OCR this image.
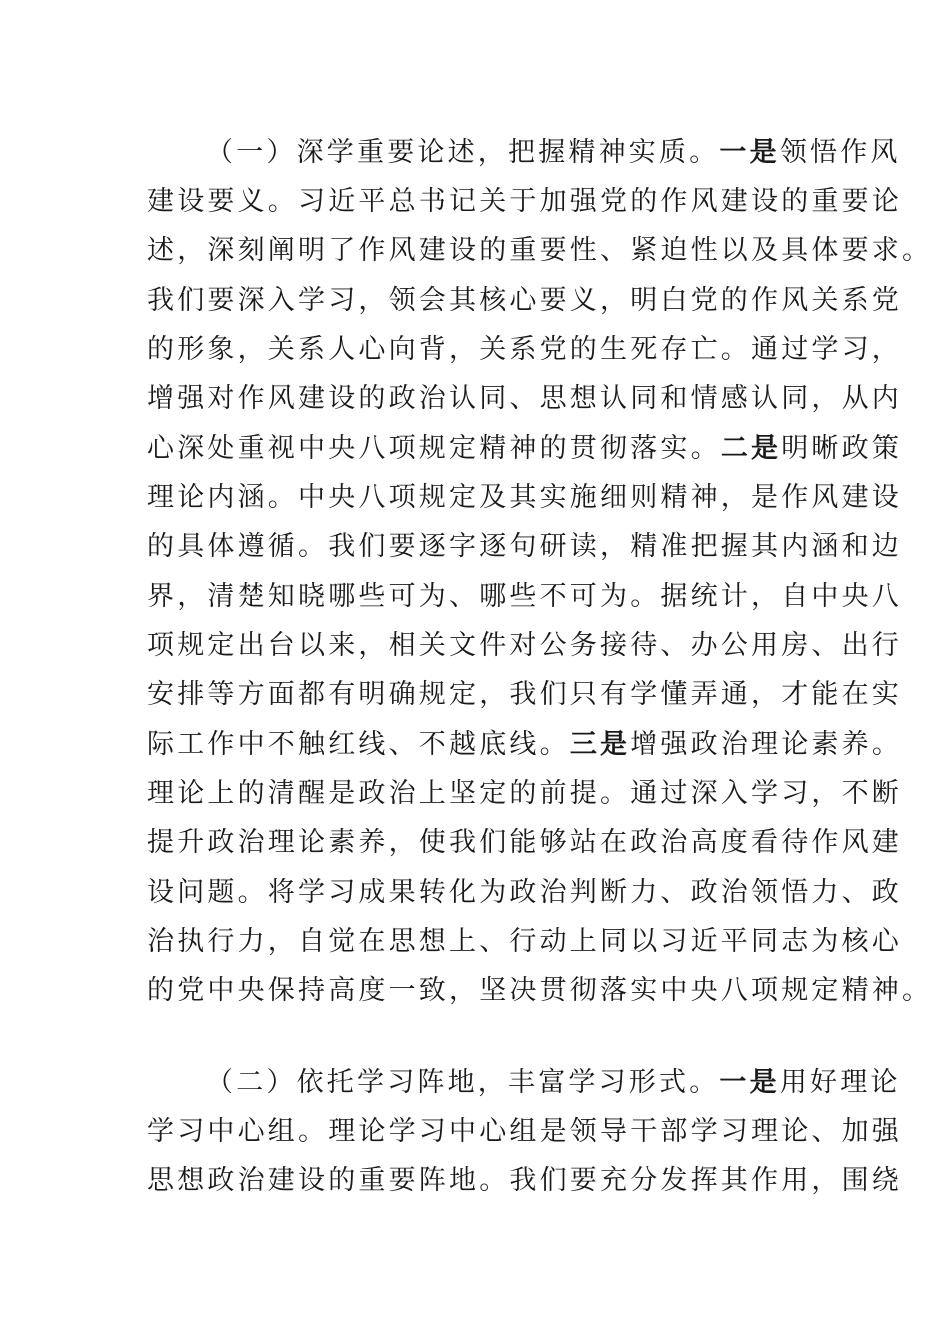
（一）深学重要论述，把握精神实质。一是领悟作风
建设要义。习近平总书记关于加强党的作风建设的重要论
述，深刻阐明了作风建设的重要性、紧迫性以及具体要求。
我们要深入学习，领会其核心要义，明白党的作风关系党
的形象，关系人心向背，关系党的生死存亡。通过学习，
增强对作风建设的政治认同、思想认同和情感认同，从内
心深处重视中央八项规定精神的贯彻落实。二是明晰政策
理论内涵。中央八项规定及其实施细则精神，是作风建设
的具体遵循。我们要逐字逐句研读，精准把握其内涵和边
界，清楚知晓哪些可为、哪些不可为。据统计，自中央八
项规定出台以来，相关文件对公务接待、办公用房、出行
安排等方面都有明确规定，我们只有学懂弄通，才能在实
际工作中不触红线、不越底线。三是增强政治理论素养。
理论上的清醒是政治上坚定的前提。通过深入学习，不断
提升政治理论素养，使我们能够站在政治高度看待作风建
设问题。将学习成果转化为政治判断力、政治领悟力、政
治执行力，自觉在思想上、行动上同以习近平同志为核心
的党中央保持高度一致，坚决贯彻落实中央八项规定精神。
（二）依托学习阵地，丰富学习形式。一是用好理论
学习中心组。理论学习中心组是领导干部学习理论、加强
思想政治建设的重要阵地。我们要充分发挥其作用，围绕
